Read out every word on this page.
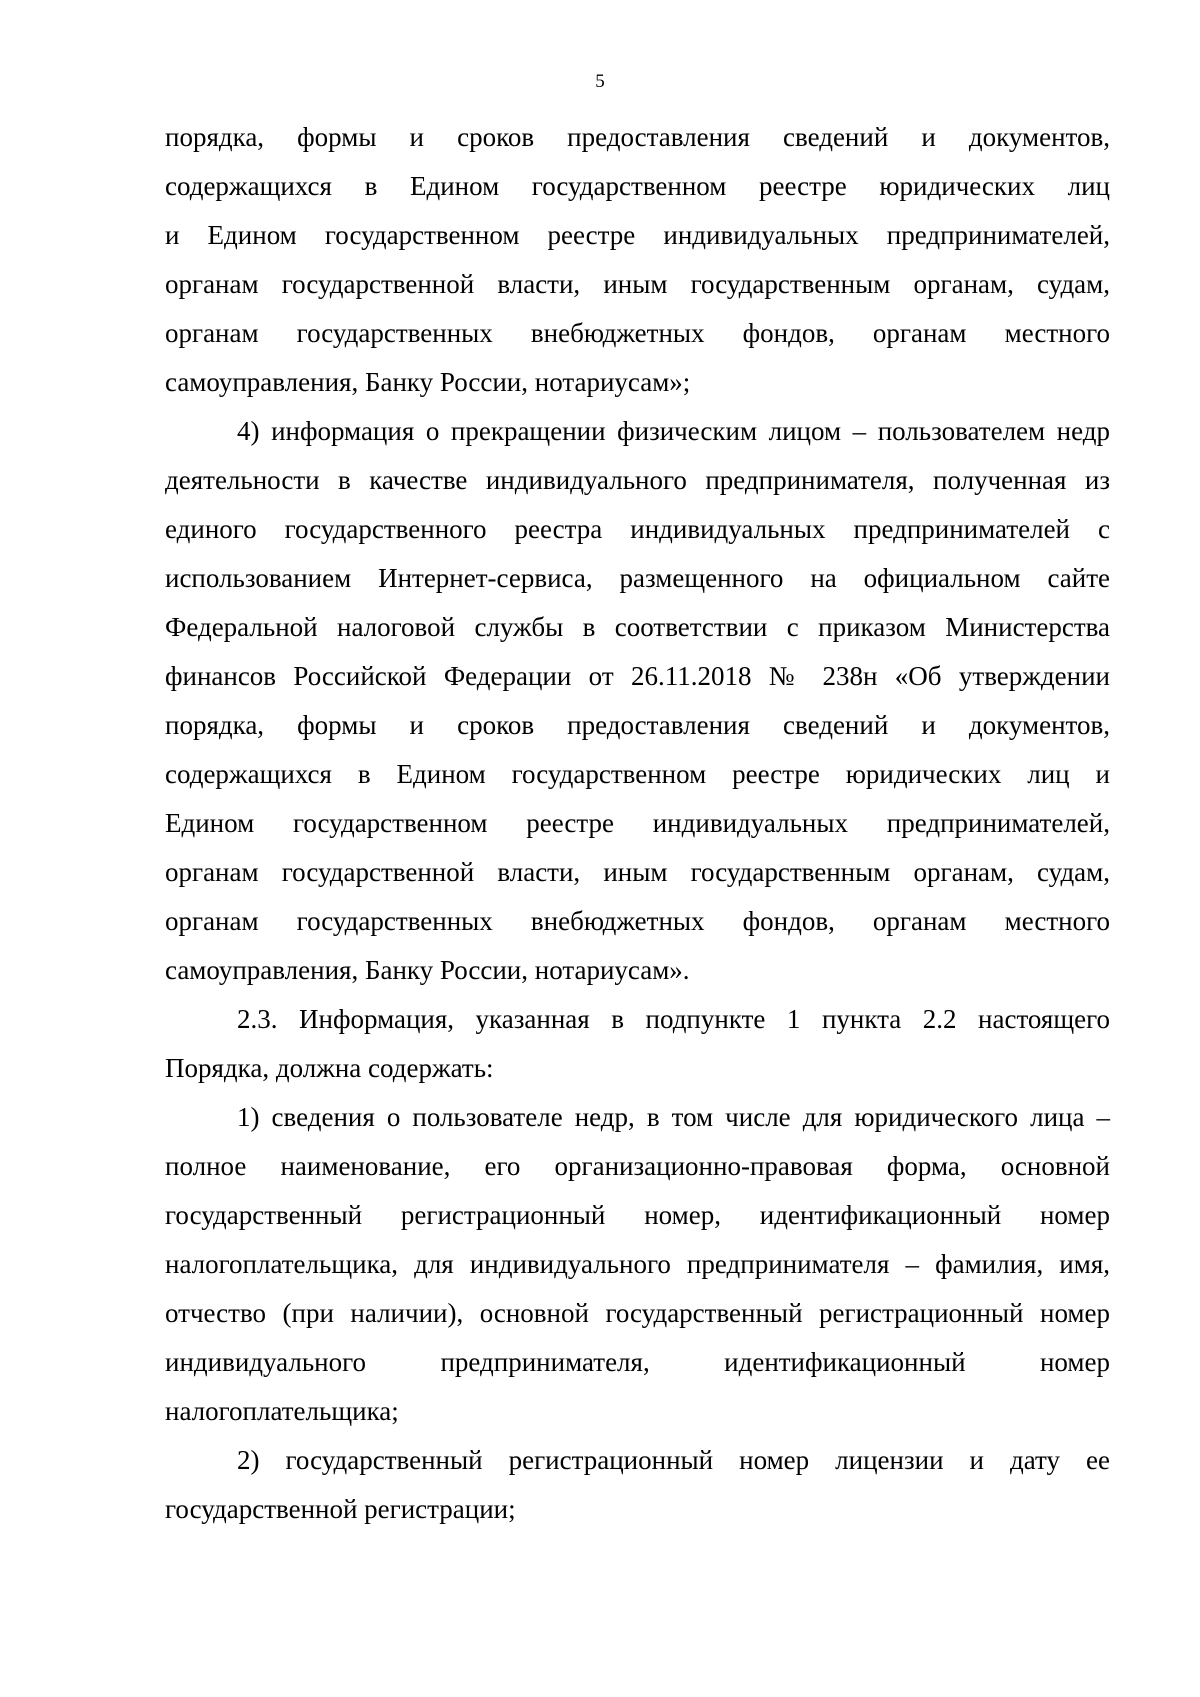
5
порядка, формы и сроков предоставления сведений и документов,
содержащихся в Едином государственном реестре юридических лиц
и Едином государственном реестре индивидуальных предпринимателей,
органам государственной власти, иным государственным органам, судам,
органам государственных внебюджетных фондов, органам местного
самоуправления, Банку России, нотариусам»;
4) информация о прекращении физическим лицом – пользователем недр
деятельности в качестве индивидуального предпринимателя, полученная из
единого государственного реестра индивидуальных предпринимателей с
использованием Интернет-сервиса, размещенного на официальном сайте
Федеральной налоговой службы в соответствии с приказом Министерства
финансов Российской Федерации от 26.11.2018 № 238н «Об утверждении
порядка, формы и сроков предоставления сведений и документов,
содержащихся в Едином государственном реестре юридических лиц и
Едином государственном реестре индивидуальных предпринимателей,
органам государственной власти, иным государственным органам, судам,
органам государственных внебюджетных фондов, органам местного
самоуправления, Банку России, нотариусам».
2.3. Информация, указанная в подпункте 1 пункта 2.2 настоящего
Порядка, должна содержать:
1) сведения о пользователе недр, в том числе для юридического лица –
полное наименование, его организационно-правовая форма, основной
государственный регистрационный номер, идентификационный номер
налогоплательщика, для индивидуального предпринимателя – фамилия, имя,
отчество (при наличии), основной государственный регистрационный номер
индивидуального предпринимателя, идентификационный номер
налогоплательщика;
2) государственный регистрационный номер лицензии и дату ее
государственной регистрации;
